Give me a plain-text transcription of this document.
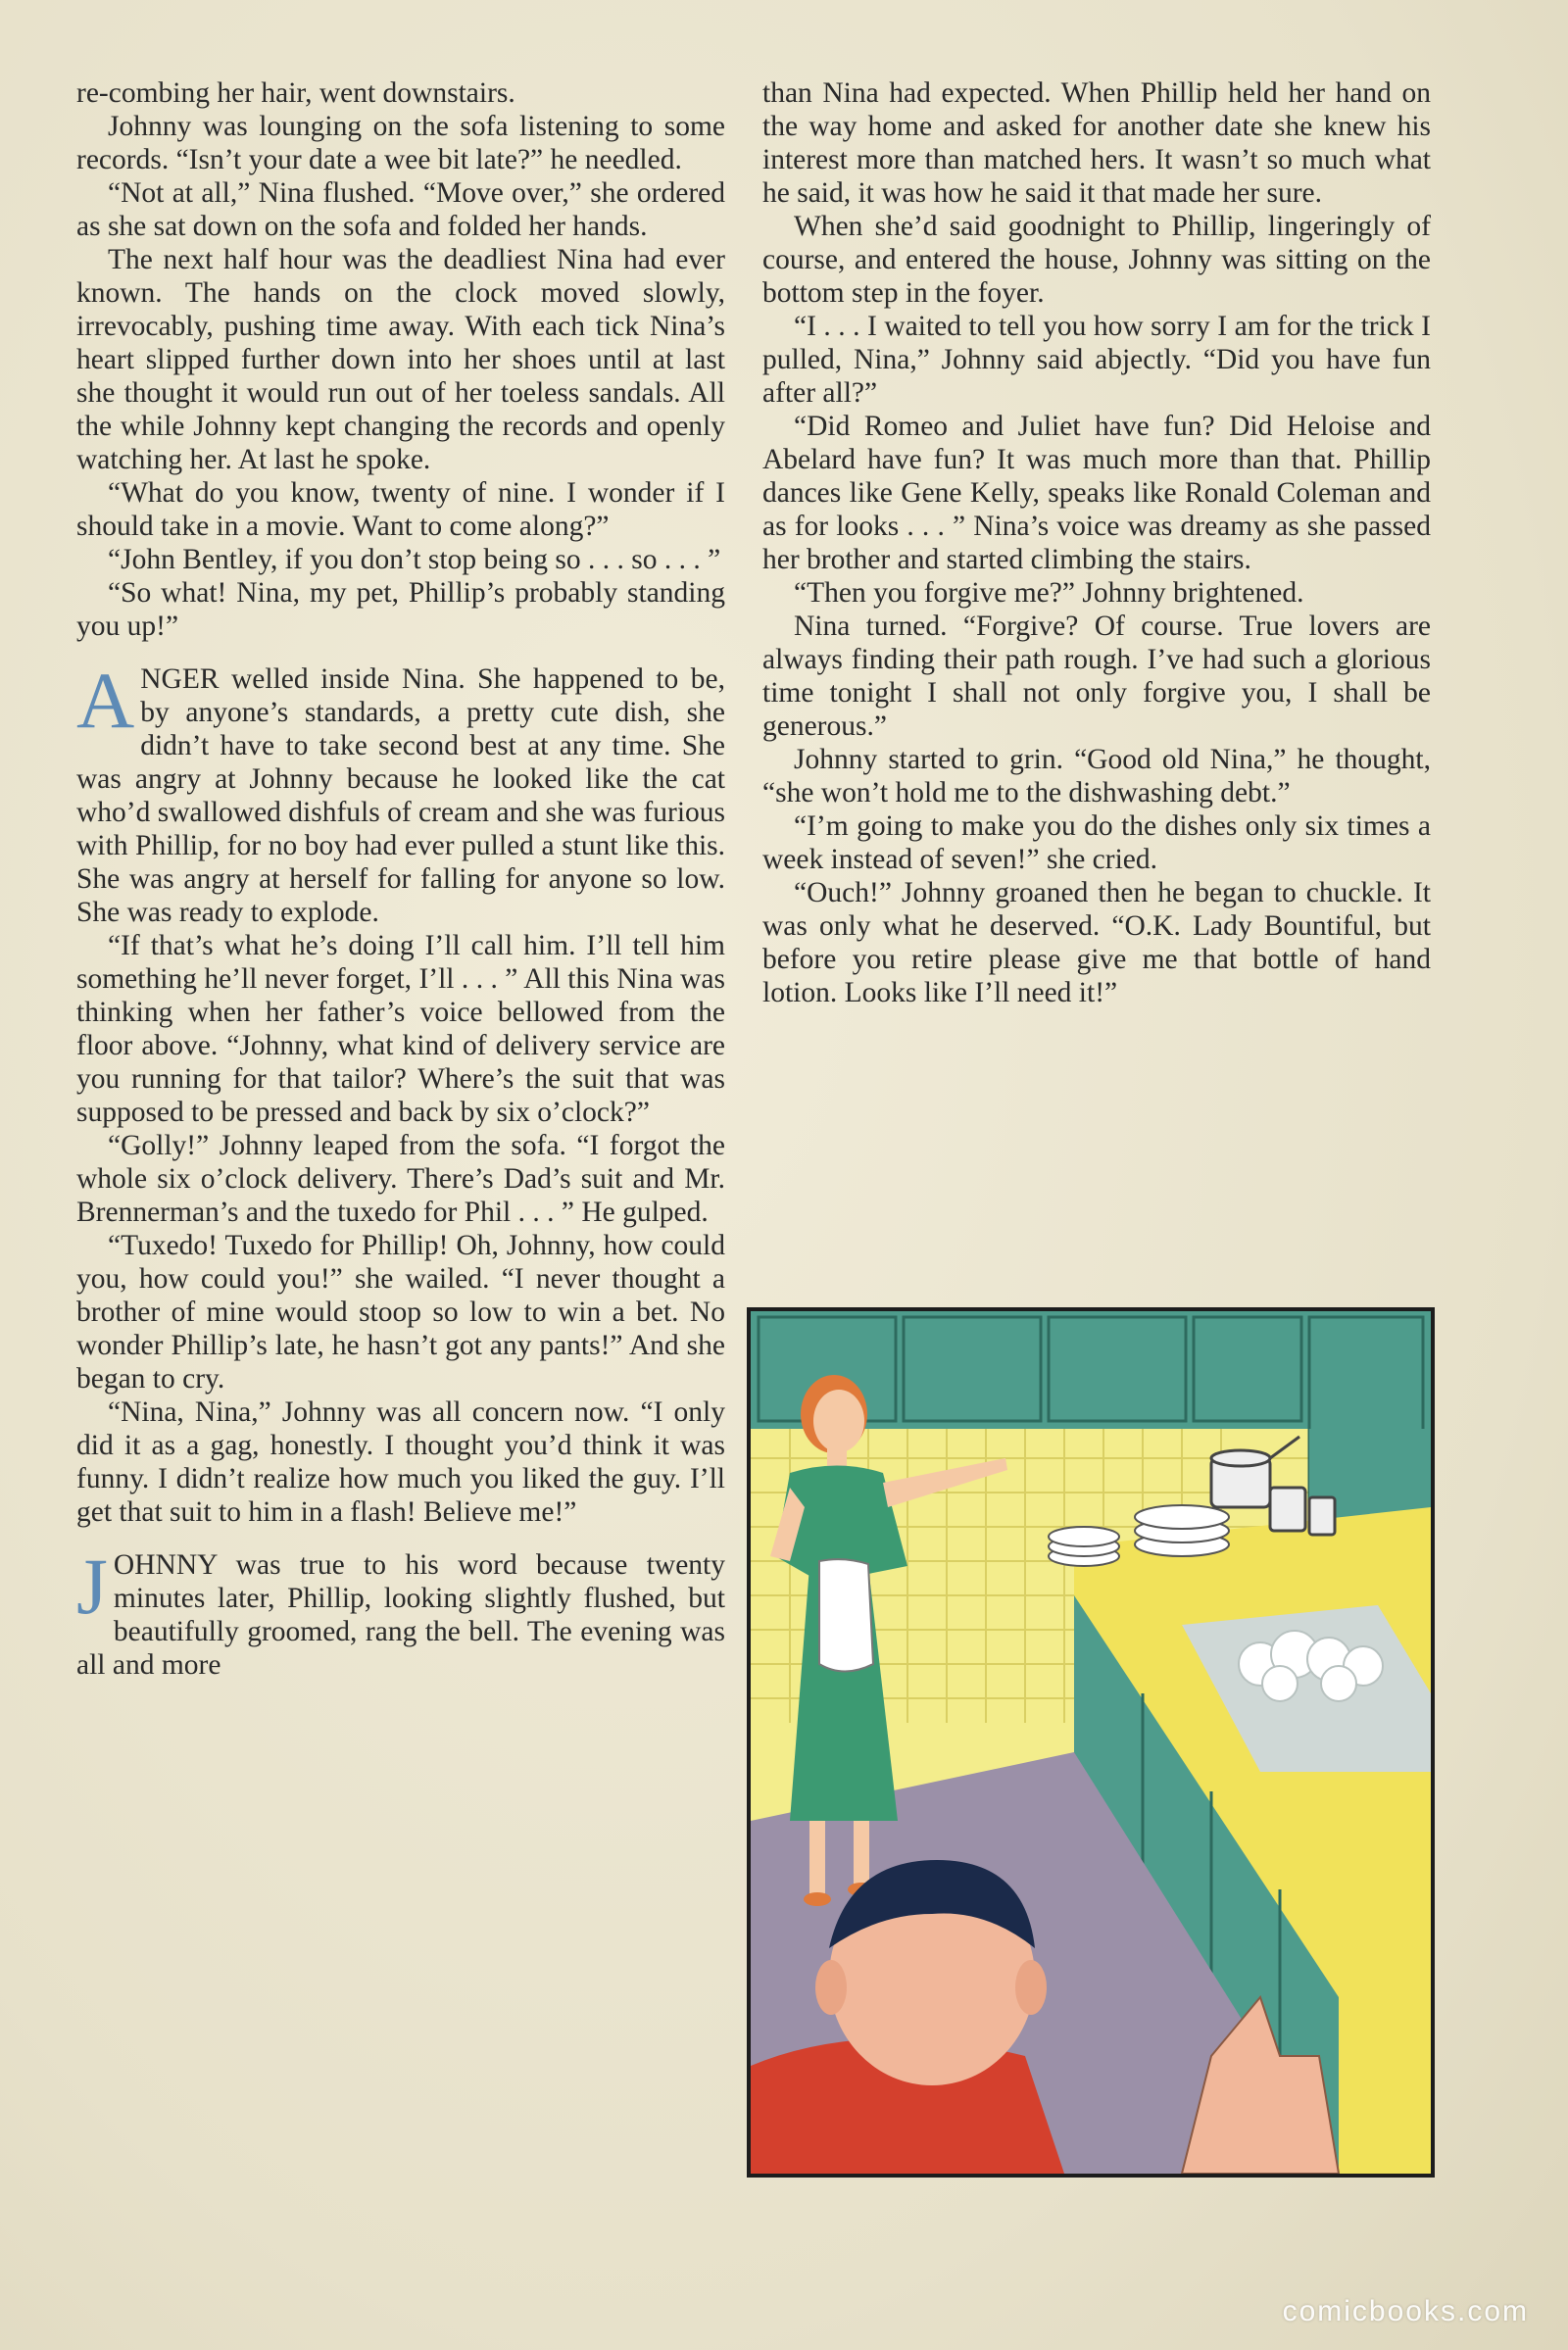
re-combing her hair, went downstairs.

Johnny was lounging on the sofa listening to some records. “Isn’t your date a wee bit late?” he needled.

“Not at all,” Nina flushed. “Move over,” she ordered as she sat down on the sofa and folded her hands.

The next half hour was the deadliest Nina had ever known. The hands on the clock moved slowly, irrevocably, pushing time away. With each tick Nina’s heart slipped further down into her shoes until at last she thought it would run out of her toeless sandals. All the while Johnny kept changing the records and openly watching her. At last he spoke.

“What do you know, twenty of nine. I wonder if I should take in a movie. Want to come along?”

“John Bentley, if you don’t stop being so . . . so . . . ”

“So what! Nina, my pet, Phillip’s probably standing you up!”

ANGER welled inside Nina. She happened to be, by anyone’s standards, a pretty cute dish, she didn’t have to take second best at any time. She was angry at Johnny because he looked like the cat who’d swallowed dishfuls of cream and she was furious with Phillip, for no boy had ever pulled a stunt like this. She was angry at herself for falling for anyone so low. She was ready to explode.

“If that’s what he’s doing I’ll call him. I’ll tell him something he’ll never forget, I’ll . . . ” All this Nina was thinking when her father’s voice bellowed from the floor above. “Johnny, what kind of delivery service are you running for that tailor? Where’s the suit that was supposed to be pressed and back by six o’clock?”

“Golly!” Johnny leaped from the sofa. “I forgot the whole six o’clock delivery. There’s Dad’s suit and Mr. Brennerman’s and the tuxedo for Phil . . . ” He gulped.

“Tuxedo! Tuxedo for Phillip! Oh, Johnny, how could you, how could you!” she wailed. “I never thought a brother of mine would stoop so low to win a bet. No wonder Phillip’s late, he hasn’t got any pants!” And she began to cry.

“Nina, Nina,” Johnny was all concern now. “I only did it as a gag, honestly. I thought you’d think it was funny. I didn’t realize how much you liked the guy. I’ll get that suit to him in a flash! Believe me!”

JOHNNY was true to his word because twenty minutes later, Phillip, looking slightly flushed, but beautifully groomed, rang the bell. The evening was all and more

than Nina had expected. When Phillip held her hand on the way home and asked for another date she knew his interest more than matched hers. It wasn’t so much what he said, it was how he said it that made her sure.

When she’d said goodnight to Phillip, lingeringly of course, and entered the house, Johnny was sitting on the bottom step in the foyer.

“I . . . I waited to tell you how sorry I am for the trick I pulled, Nina,” Johnny said abjectly. “Did you have fun after all?”

“Did Romeo and Juliet have fun? Did Heloise and Abelard have fun? It was much more than that. Phillip dances like Gene Kelly, speaks like Ronald Coleman and as for looks . . . ” Nina’s voice was dreamy as she passed her brother and started climbing the stairs.

“Then you forgive me?” Johnny brightened.

Nina turned. “Forgive? Of course. True lovers are always finding their path rough. I’ve had such a glorious time tonight I shall not only forgive you, I shall be generous.”

Johnny started to grin. “Good old Nina,” he thought, “she won’t hold me to the dishwashing debt.”

“I’m going to make you do the dishes only six times a week instead of seven!” she cried.

“Ouch!” Johnny groaned then he began to chuckle. It was only what he deserved. “O.K. Lady Bountiful, but before you retire please give me that bottle of hand lotion. Looks like I’ll need it!”

comicbooks.com
